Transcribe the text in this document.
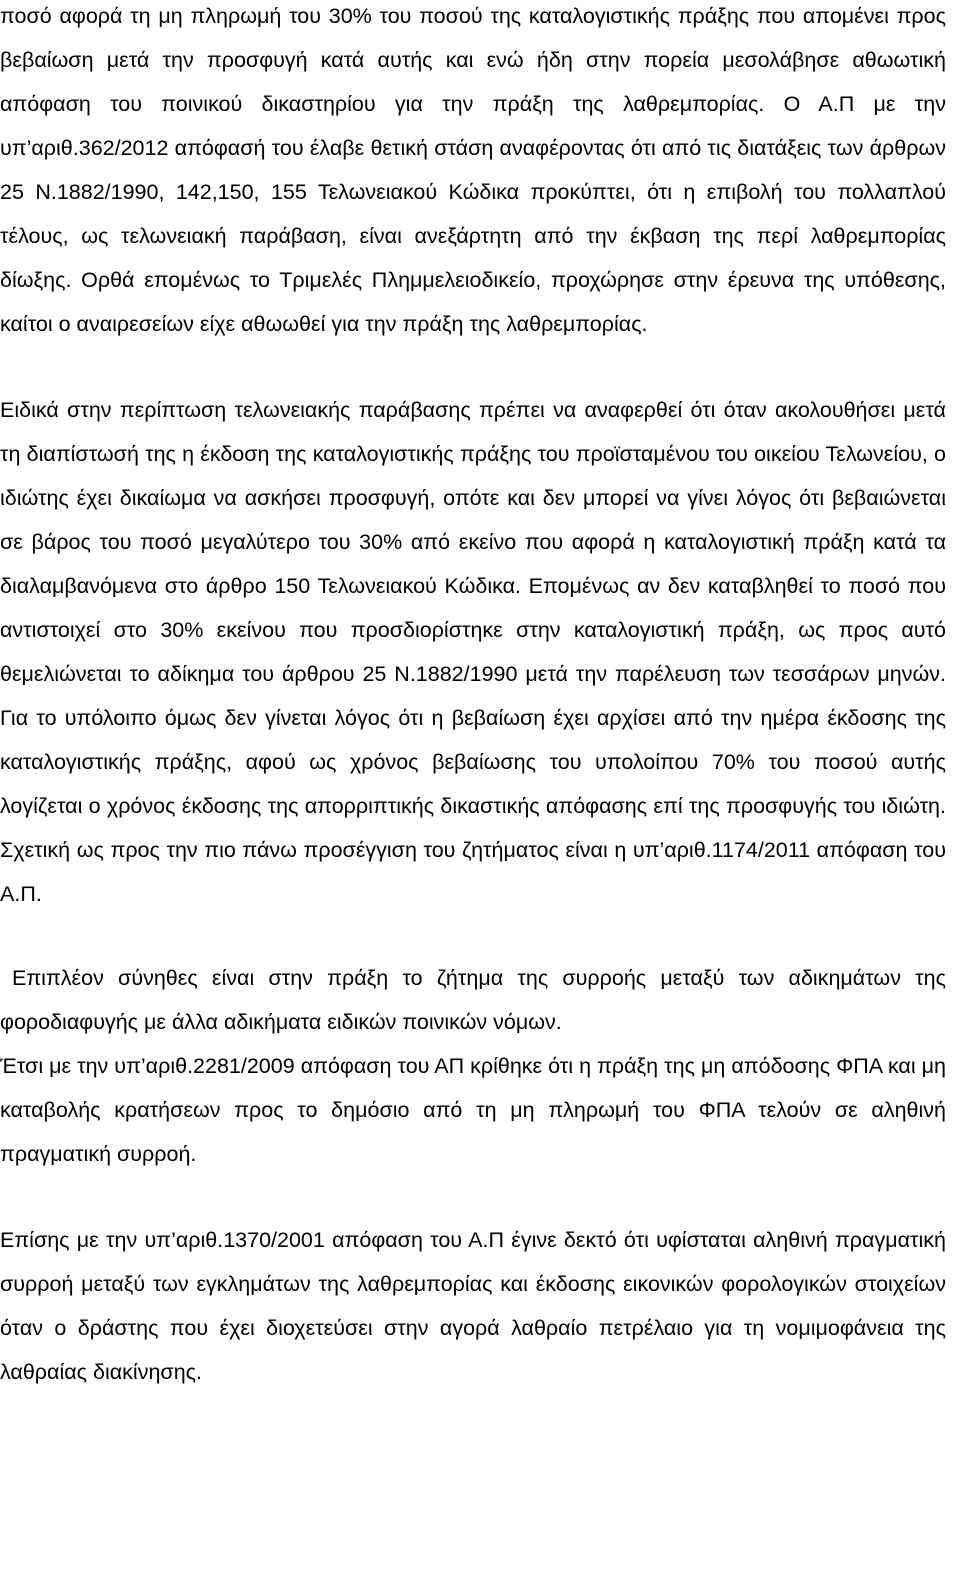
ποσό αφορά τη μη πληρωμή του 30% του ποσού της καταλογιστικής πράξης που απομένει προς βεβαίωση μετά την προσφυγή κατά αυτής και ενώ ήδη στην πορεία μεσολάβησε αθωωτική απόφαση του ποινικού δικαστηρίου για την πράξη της λαθρεμπορίας. Ο Α.Π με την υπ’αριθ.362/2012 απόφασή του έλαβε θετική στάση αναφέροντας ότι από τις διατάξεις των άρθρων 25 Ν.1882/1990, 142,150, 155 Τελωνειακού Κώδικα προκύπτει, ότι η επιβολή του πολλαπλού τέλους, ως τελωνειακή παράβαση, είναι ανεξάρτητη από την έκβαση της περί λαθρεμπορίας δίωξης. Ορθά επομένως το Τριμελές Πλημμελειοδικείο, προχώρησε στην έρευνα της υπόθεσης, καίτοι ο αναιρεσείων είχε αθωωθεί για την πράξη της λαθρεμπορίας.

Ειδικά στην περίπτωση τελωνειακής παράβασης πρέπει να αναφερθεί ότι όταν ακολουθήσει μετά τη διαπίστωσή της η έκδοση της καταλογιστικής πράξης του προϊσταμένου του οικείου Τελωνείου, ο ιδιώτης έχει δικαίωμα να ασκήσει προσφυγή, οπότε και δεν μπορεί να γίνει λόγος ότι βεβαιώνεται σε βάρος του ποσό μεγαλύτερο του 30% από εκείνο που αφορά η καταλογιστική πράξη κατά τα διαλαμβανόμενα στο άρθρο 150 Τελωνειακού Κώδικα. Επομένως αν δεν καταβληθεί το ποσό που αντιστοιχεί στο 30% εκείνου που προσδιορίστηκε στην καταλογιστική πράξη, ως προς αυτό θεμελιώνεται το αδίκημα του άρθρου 25 Ν.1882/1990 μετά την παρέλευση των τεσσάρων μηνών. Για το υπόλοιπο όμως δεν γίνεται λόγος ότι η βεβαίωση έχει αρχίσει από την ημέρα έκδοσης της καταλογιστικής πράξης, αφού ως χρόνος βεβαίωσης του υπολοίπου 70% του ποσού αυτής λογίζεται ο χρόνος έκδοσης της απορριπτικής δικαστικής απόφασης επί της προσφυγής του ιδιώτη. Σχετική ως προς την πιο πάνω προσέγγιση του ζητήματος είναι η υπ’αριθ.1174/2011 απόφαση του Α.Π.

Επιπλέον σύνηθες είναι στην πράξη το ζήτημα της συρροής μεταξύ των αδικημάτων της φοροδιαφυγής με άλλα αδικήματα ειδικών ποινικών νόμων.

Έτσι με την υπ’αριθ.2281/2009 απόφαση του ΑΠ κρίθηκε ότι η πράξη της μη απόδοσης ΦΠΑ και μη καταβολής κρατήσεων προς το δημόσιο από τη μη πληρωμή του ΦΠΑ τελούν σε αληθινή πραγματική συρροή.

Επίσης με την υπ’αριθ.1370/2001 απόφαση του Α.Π έγινε δεκτό ότι υφίσταται αληθινή πραγματική συρροή μεταξύ των εγκλημάτων της λαθρεμπορίας και έκδοσης εικονικών φορολογικών στοιχείων όταν ο δράστης που έχει διοχετεύσει στην αγορά λαθραίο πετρέλαιο για τη νομιμοφάνεια της λαθραίας διακίνησης.
